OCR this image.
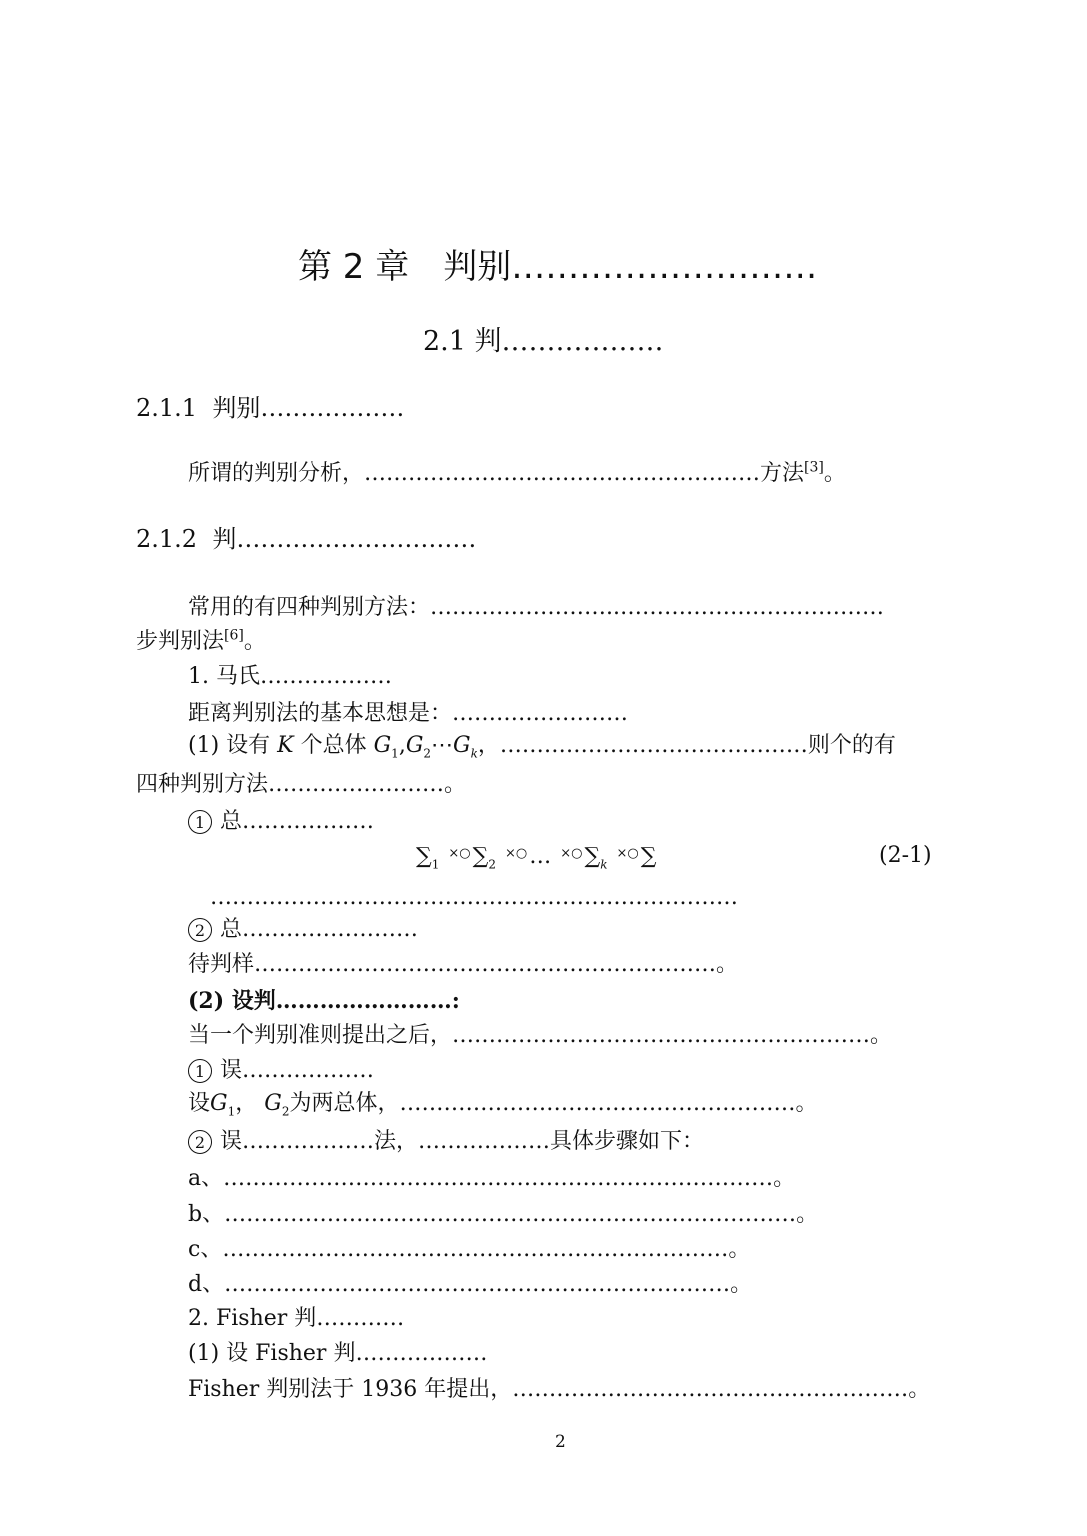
第 2 章　判别………………………
2.1 判………………
2.1.1 判别………………
所谓的判别分析，………………………………………………方法[3]。
2.1.2 判…………………………
常用的有四种判别方法：……………………..………………………………
步判别法[6]。
1. 马氏………………
距离判别法的基本思想是：……………………
(1) 设有 K 个总体 $G_1,G_2\cdots G_k$，……………………………………则个的有
四种判别方法……………………。
1 总………………
$\sum_1$ $^{\times○}\sum_2$ ×○… $^{\times○}\sum_k$ ×○∑	(2-1)
………………………………………………………………
2 总……………………
待判样………………………………………………………。
(2) 设判……………………:
当一个判别准则提出之后，…………………………………………………。
1 误………………
设$G_1$， $G_2$为两总体，………………………………………………。
2 误………………法，………………具体步骤如下：
a、…………………………………………………………………。
b、……………………………………………………………………。
c、……………………………………………………………。
d、……………………………………………………………。
2. Fisher 判…………
(1) 设 Fisher 判………………
Fisher 判别法于 1936 年提出，………………………………………………。
2
